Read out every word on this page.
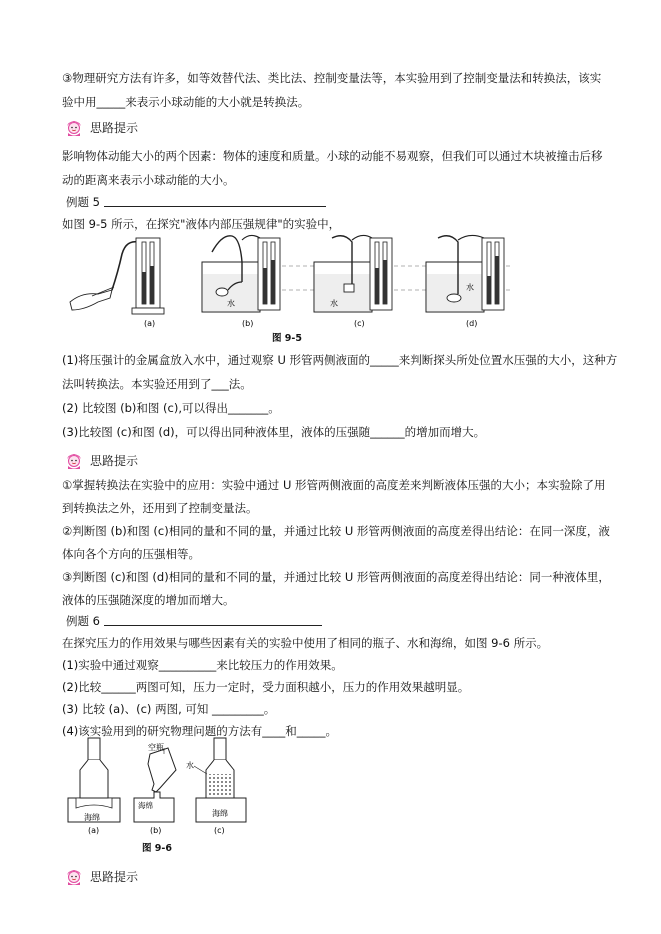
③物理研究方法有许多，如等效替代法、类比法、控制变量法等，本实验用到了控制变量法和转换法，该实
验中用_____来表示小球动能的大小就是转换法。
思路提示
影响物体动能大小的两个因素：物体的速度和质量。小球的动能不易观察，但我们可以通过木块被撞击后移
动的距离来表示小球动能的大小。
例题 5
如图 9-5 所示，在探究"液体内部压强规律"的实验中，
水	水
水
(a)	(b)	(c)	(d)
图 9-5
(1)将压强计的金属盒放入水中，通过观察 U 形管两侧液面的_____来判断探头所处位置水压强的大小，这种方
法叫转换法。本实验还用到了___法。
(2) 比较图 (b)和图 (c),可以得出_______。
(3)比较图 (c)和图 (d)，可以得出同种液体里，液体的压强随______的增加而增大。
思路提示
①掌握转换法在实验中的应用：实验中通过 U 形管两侧液面的高度差来判断液体压强的大小；本实验除了用
到转换法之外，还用到了控制变量法。
②判断图 (b)和图 (c)相同的量和不同的量，并通过比较 U 形管两侧液面的高度差得出结论：在同一深度，液
体向各个方向的压强相等。
③判断图 (c)和图 (d)相同的量和不同的量，并通过比较 U 形管两侧液面的高度差得出结论：同一种液体里，
液体的压强随深度的增加而增大。
例题 6
在探究压力的作用效果与哪些因素有关的实验中使用了相同的瓶子、水和海绵，如图 9-6 所示。
(1)实验中通过观察__________来比较压力的作用效果。
(2)比较______两图可知，压力一定时，受力面积越小，压力的作用效果越明显。
(3) 比较 (a)、(c) 两图, 可知 _________。
(4)该实验用到的研究物理问题的方法有____和_____。
海绵
空瓶
海绵
水
海绵
(a)	(b)	(c)
图 9-6
思路提示
